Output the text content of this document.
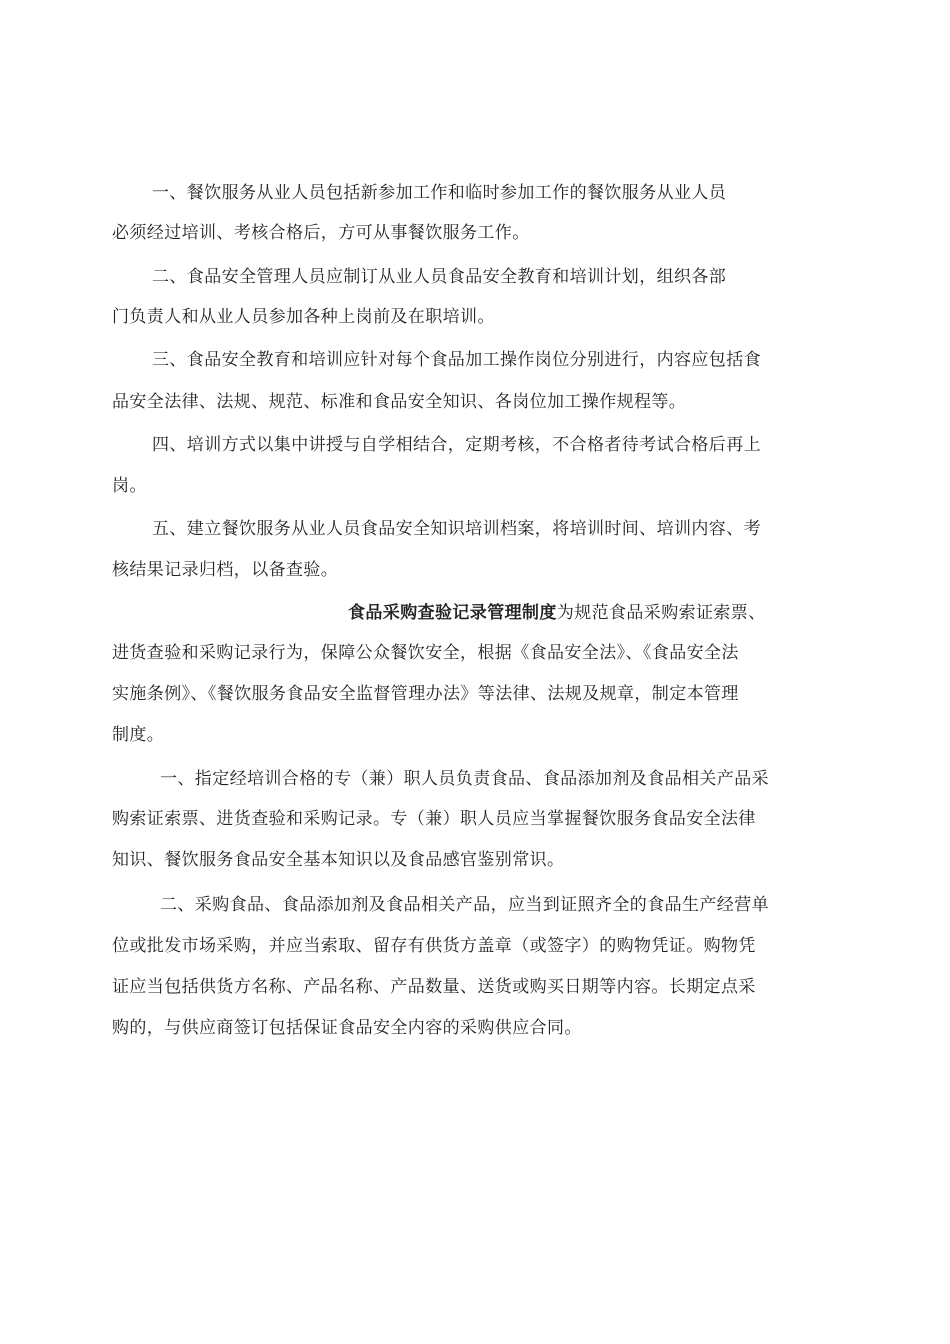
一、餐饮服务从业人员包括新参加工作和临时参加工作的餐饮服务从业人员
必须经过培训、考核合格后，方可从事餐饮服务工作。
二、食品安全管理人员应制订从业人员食品安全教育和培训计划，组织各部
门负责人和从业人员参加各种上岗前及在职培训。
三、食品安全教育和培训应针对每个食品加工操作岗位分别进行，内容应包括食
品安全法律、法规、规范、标准和食品安全知识、各岗位加工操作规程等。
四、培训方式以集中讲授与自学相结合，定期考核，不合格者待考试合格后再上
岗。
五、建立餐饮服务从业人员食品安全知识培训档案，将培训时间、培训内容、考
核结果记录归档，以备查验。
食品采购查验记录管理制度为规范食品采购索证索票、
进货查验和采购记录行为，保障公众餐饮安全，根据《食品安全法》、《食品安全法
实施条例》、《餐饮服务食品安全监督管理办法》等法律、法规及规章，制定本管理
制度。
一、指定经培训合格的专（兼）职人员负责食品、食品添加剂及食品相关产品采
购索证索票、进货查验和采购记录。专（兼）职人员应当掌握餐饮服务食品安全法律
知识、餐饮服务食品安全基本知识以及食品感官鉴别常识。
二、采购食品、食品添加剂及食品相关产品，应当到证照齐全的食品生产经营单
位或批发市场采购，并应当索取、留存有供货方盖章（或签字）的购物凭证。购物凭
证应当包括供货方名称、产品名称、产品数量、送货或购买日期等内容。长期定点采
购的，与供应商签订包括保证食品安全内容的采购供应合同。
